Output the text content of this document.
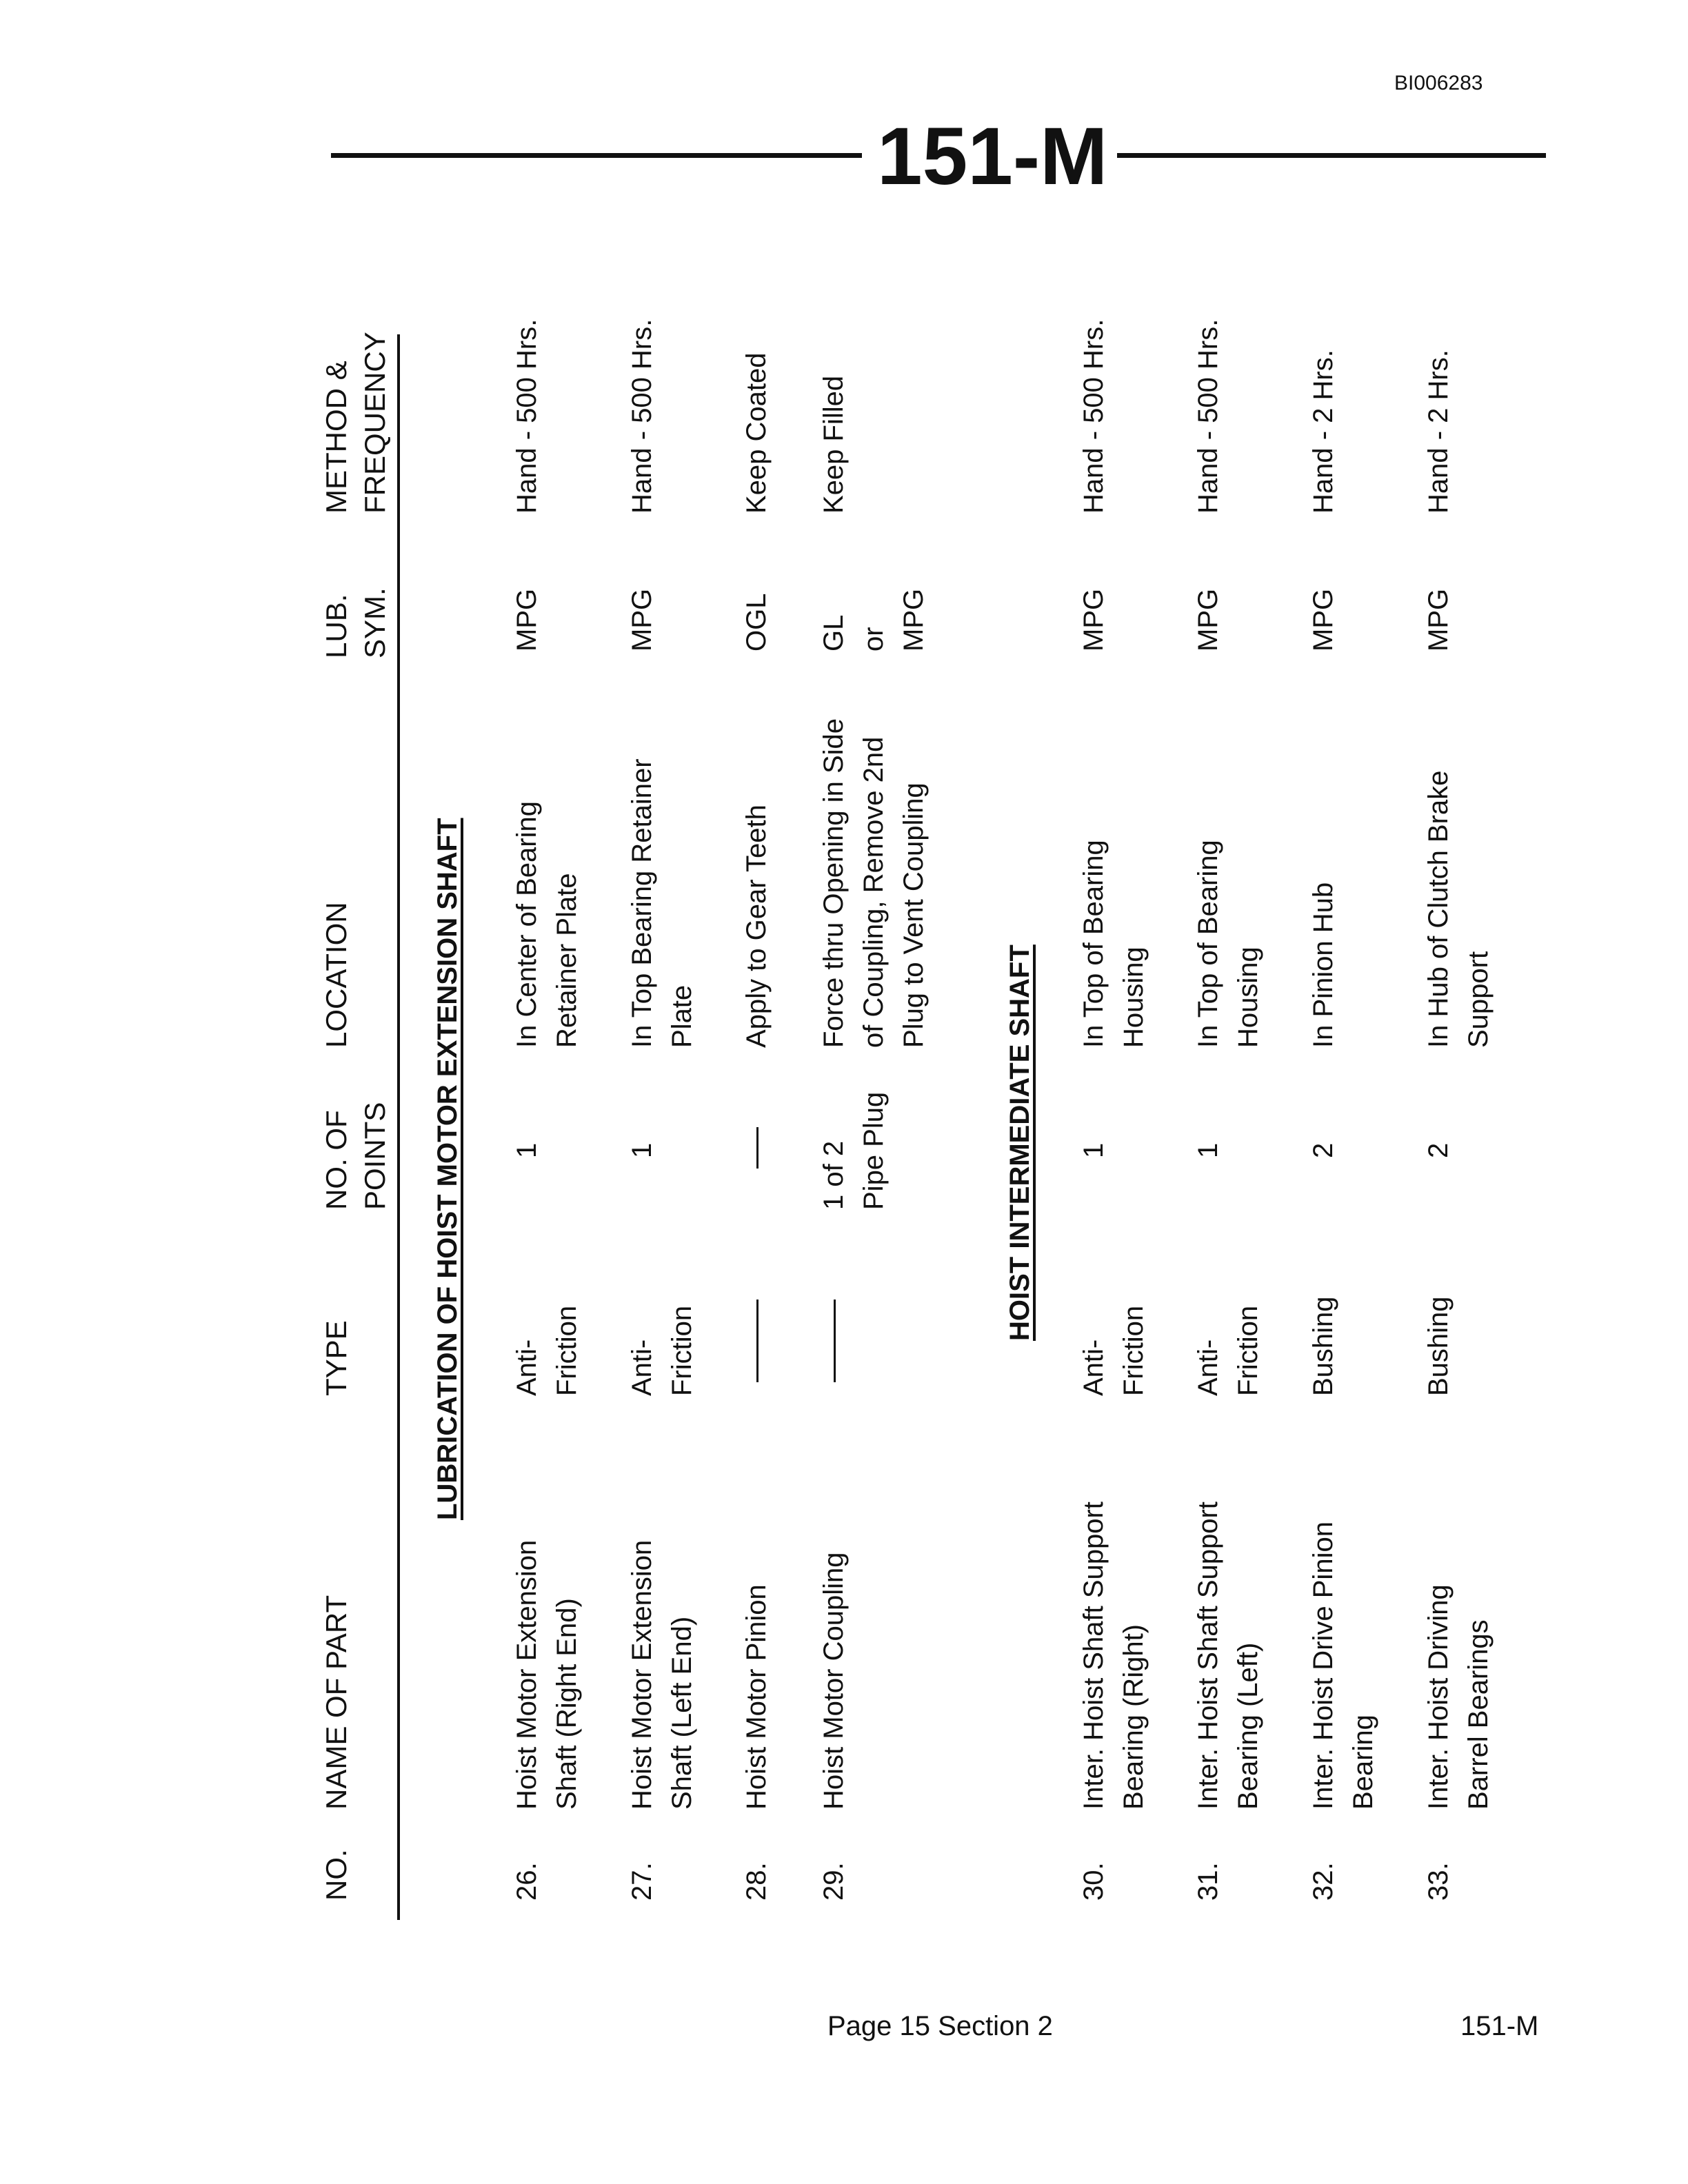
BI006283
151-M
NO.
NAME OF PART
TYPE
NO. OF POINTS
LOCATION
LUB. SYM.
METHOD & FREQUENCY
LUBRICATION OF HOIST MOTOR EXTENSION SHAFT
26.
Hoist Motor Extension Shaft (Right End)
Anti- Friction
1
In Center of Bearing Retainer Plate
MPG
Hand - 500 Hrs.
27.
Hoist Motor Extension Shaft (Left End)
Anti- Friction
1
In Top Bearing Retainer Plate
MPG
Hand - 500 Hrs.
28.
Hoist Motor Pinion
Apply to Gear Teeth
OGL
Keep Coated
29.
Hoist Motor Coupling
1 of 2 Pipe Plug
Force thru Opening in Side of Coupling, Remove 2nd Plug to Vent Coupling
GL or MPG
Keep Filled
HOIST INTERMEDIATE SHAFT
30.
Inter. Hoist Shaft Support Bearing (Right)
Anti- Friction
1
In Top of Bearing Housing
MPG
Hand - 500 Hrs.
31.
Inter. Hoist Shaft Support Bearing (Left)
Anti- Friction
1
In Top of Bearing Housing
MPG
Hand - 500 Hrs.
32.
Inter. Hoist Drive Pinion Bearing
Bushing
2
In Pinion Hub
MPG
Hand - 2 Hrs.
33.
Inter. Hoist Driving Barrel Bearings
Bushing
2
In Hub of Clutch Brake Support
MPG
Hand - 2 Hrs.
Page 15 Section 2	151-M
